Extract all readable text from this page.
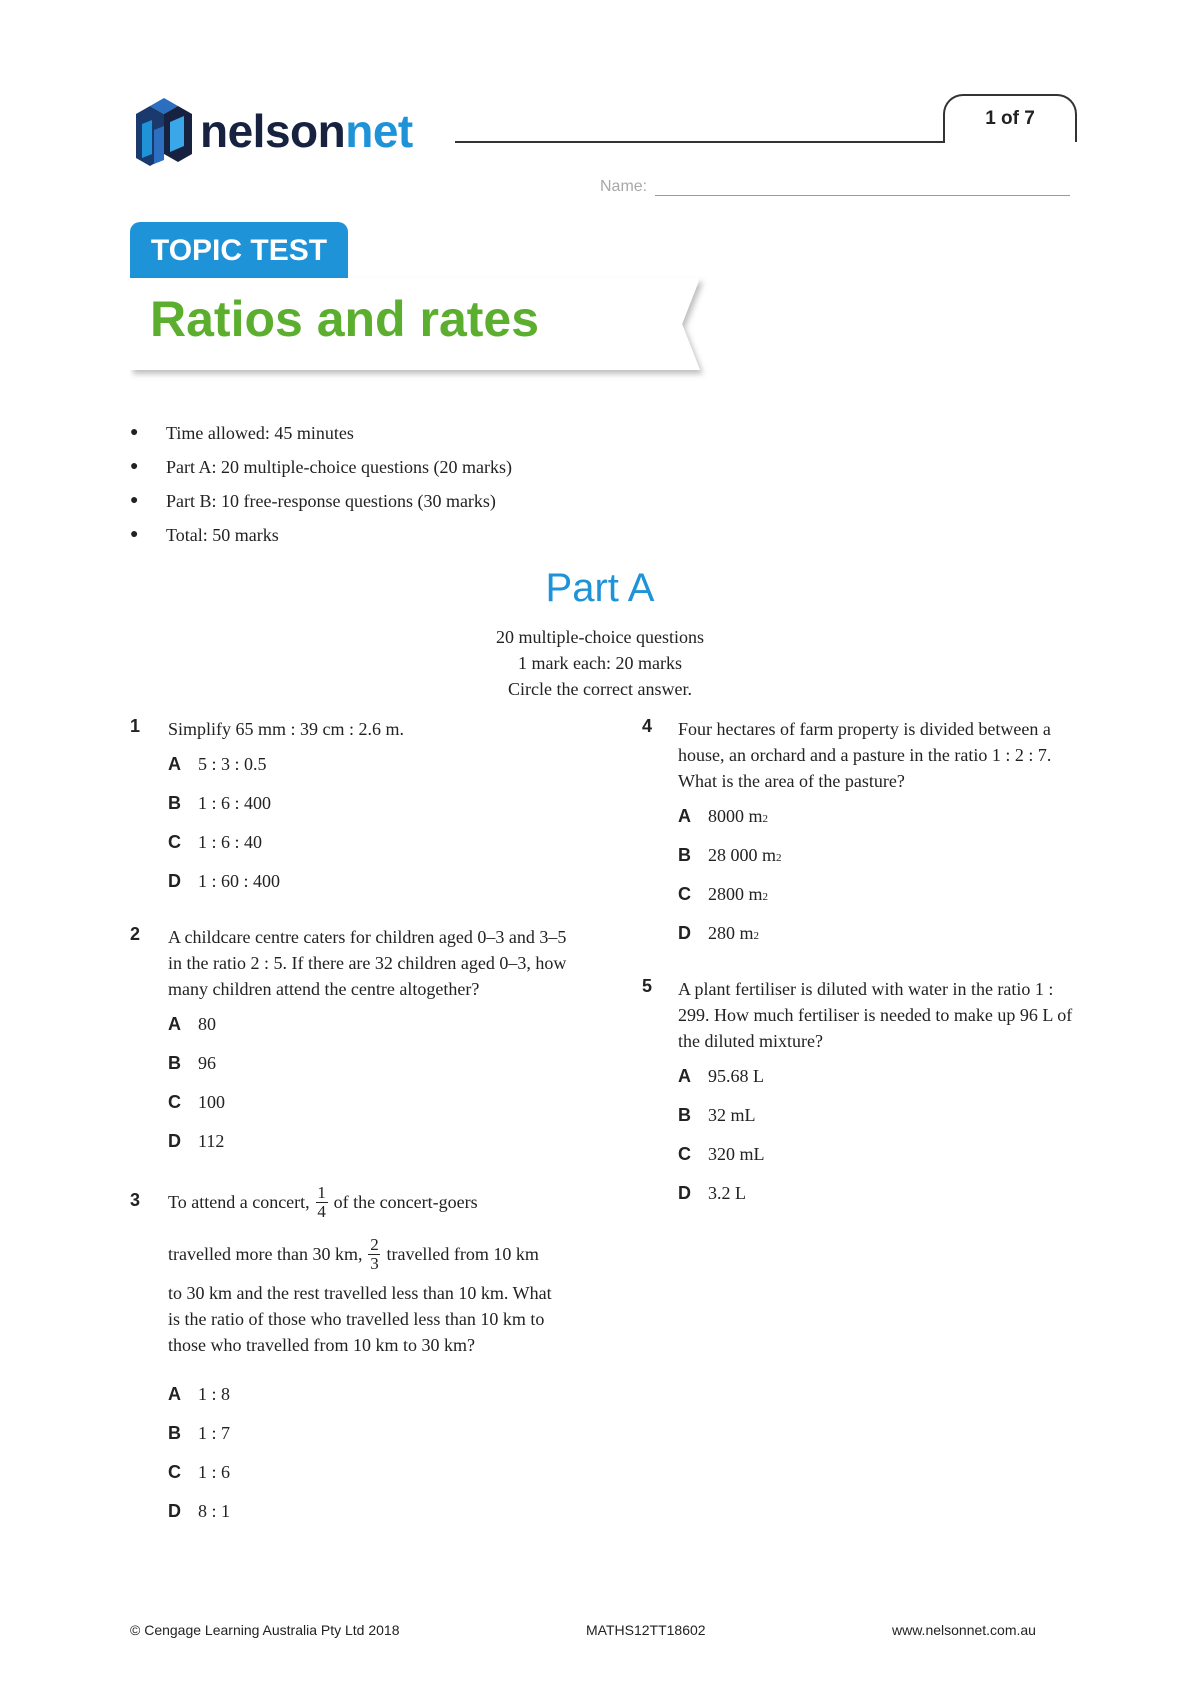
nelsonnet	1 of 7
Name:
TOPIC TEST
Ratios and rates
●	Time allowed: 45 minutes
●	Part A: 20 multiple-choice questions (20 marks)
●	Part B: 10 free-response questions (30 marks)
●	Total: 50 marks
Part A
20 multiple-choice questions
1 mark each: 20 marks
Circle the correct answer.
1 Simplify 65 mm : 39 cm : 2.6 m.
A 5 : 3 : 0.5
B 1 : 6 : 400
C 1 : 6 : 40
D 1 : 60 : 400
2 A childcare centre caters for children aged 0–3 and 3–5 in the ratio 2 : 5. If there are 32 children aged 0–3, how many children attend the centre altogether?
A 80
B 96
C 100
D 112
3 To attend a concert, $\frac{1}{4}$ of the concert-goers
travelled more than 30 km, $\frac{2}{3}$ travelled from 10 km
to 30 km and the rest travelled less than 10 km. What is the ratio of those who travelled less than 10 km to those who travelled from 10 km to 30 km?
A 1 : 8
B 1 : 7
C 1 : 6
D 8 : 1
4 Four hectares of farm property is divided between a house, an orchard and a pasture in the ratio 1 : 2 : 7. What is the area of the pasture?
A 8000 m 2
B 28 000 m 2
C 2800 m 2
D 280 m 2
5 A plant fertiliser is diluted with water in the ratio 1 : 299. How much fertiliser is needed to make up 96 L of the diluted mixture?
A 95.68 L
B 32 mL
C 320 mL
D 3.2 L
© Cengage Learning Australia Pty Ltd 2018	MATHS12TT18602	www.nelsonnet.com.au
